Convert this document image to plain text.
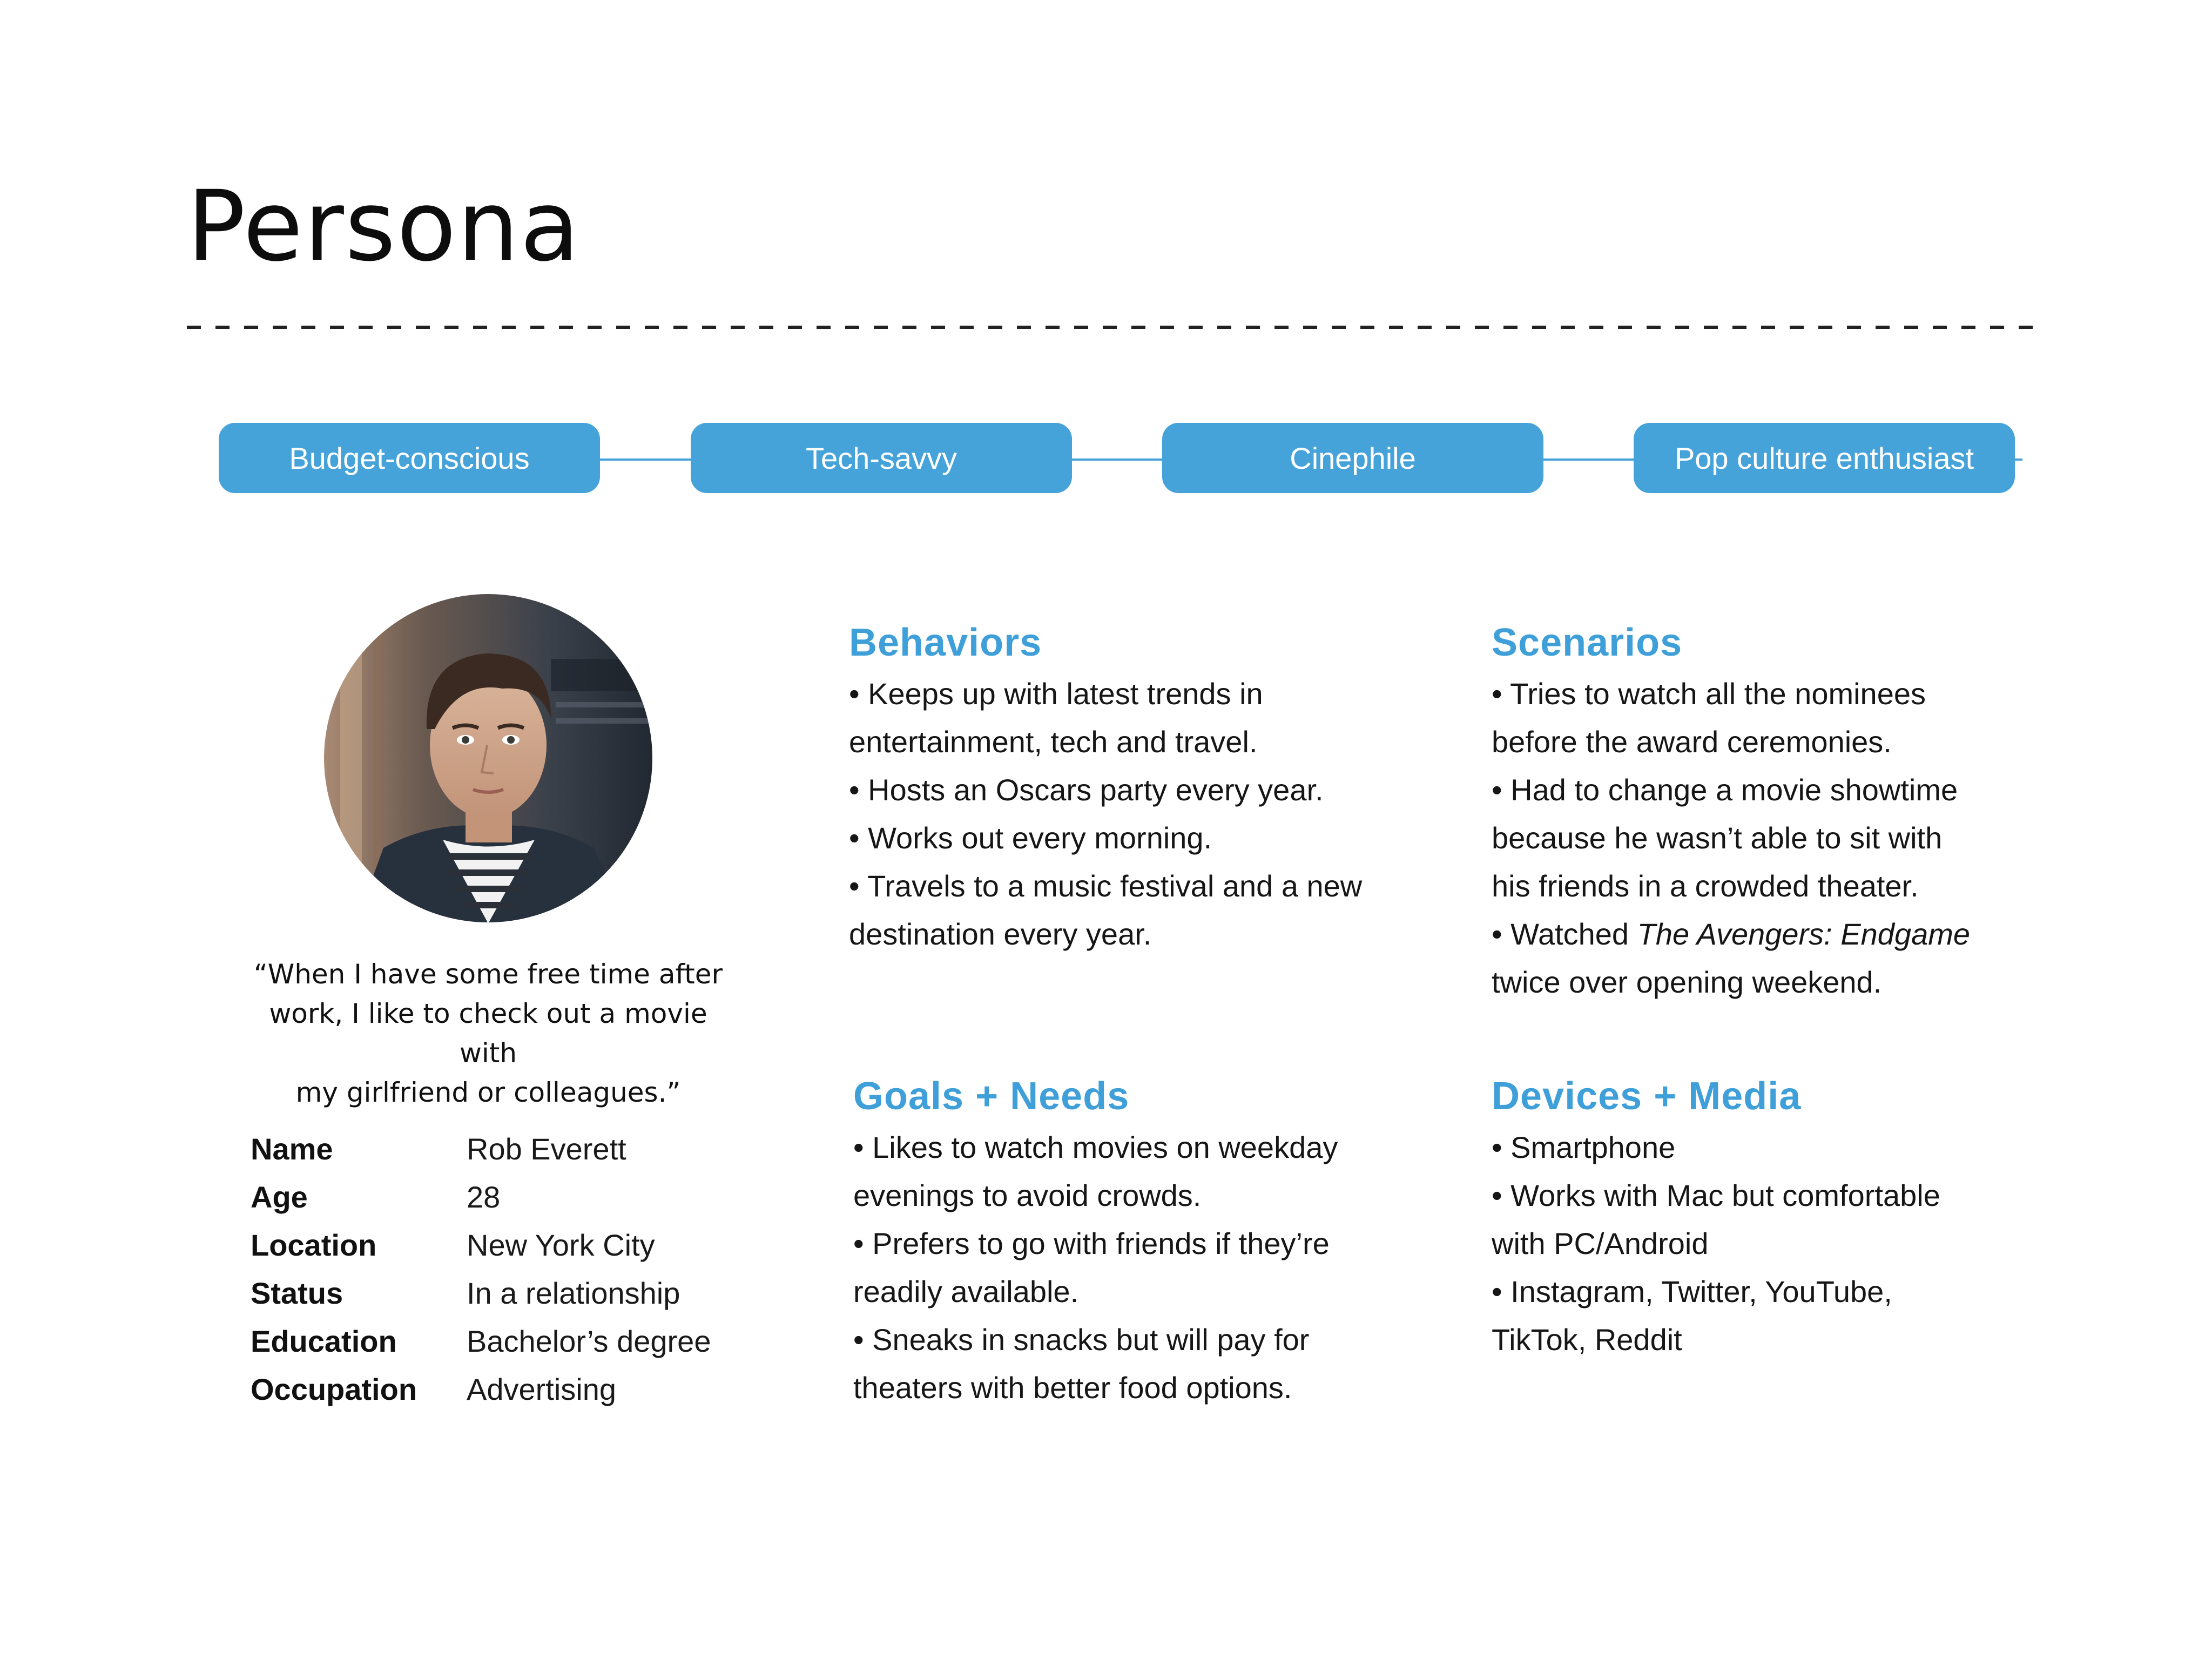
Persona
Budget-conscious	Tech-savvy	Cinephile	Pop culture enthusiast
“When I have some free time after
work, I like to check out a movie with
my girlfriend or colleagues.”
Name	Rob Everett
Age	28
Location	New York City
Status	In a relationship
Education	Bachelor’s degree
Occupation	Advertising
Behaviors
• Keeps up with latest trends in
entertainment, tech and travel.
• Hosts an Oscars party every year.
• Works out every morning.
• Travels to a music festival and a new
destination every year.
Scenarios
• Tries to watch all the nominees
before the award ceremonies.
• Had to change a movie showtime
because he wasn’t able to sit with
his friends in a crowded theater.
• Watched The Avengers: Endgame
twice over opening weekend.
Goals + Needs
• Likes to watch movies on weekday
evenings to avoid crowds.
• Prefers to go with friends if they’re
readily available.
• Sneaks in snacks but will pay for
theaters with better food options.
Devices + Media
• Smartphone
• Works with Mac but comfortable
with PC/Android
• Instagram, Twitter, YouTube,
TikTok, Reddit
